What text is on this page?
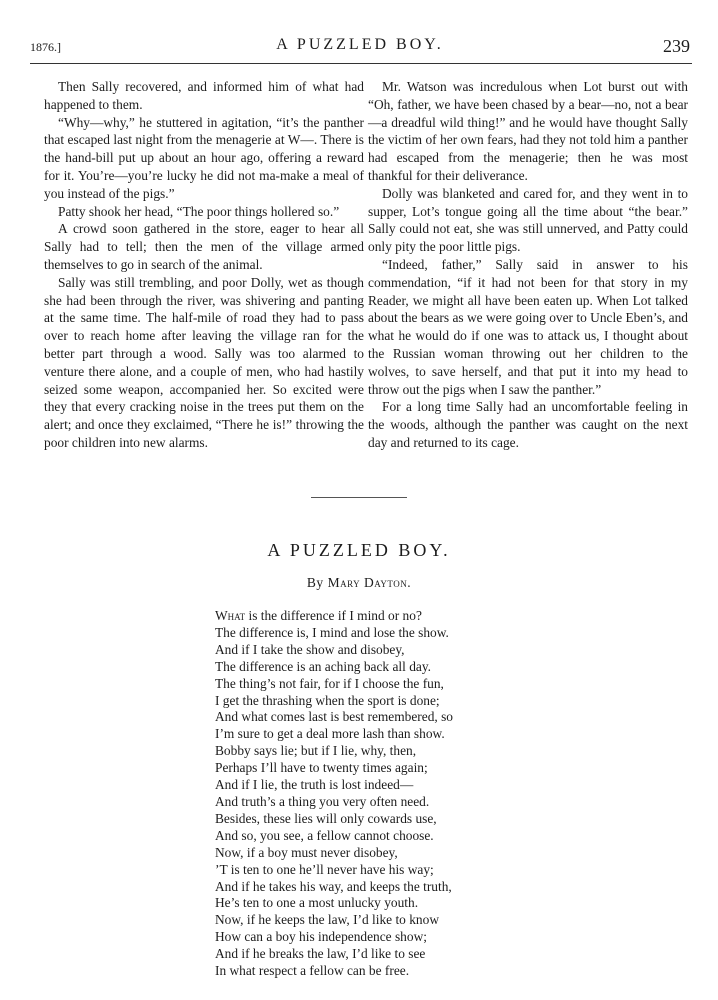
1876.]	A PUZZLED BOY.	239

Then Sally recovered, and informed him of what had happened to them.

“Why—why,” he stuttered in agitation, “it’s the panther that escaped last night from the menagerie at W—. There is the hand-bill put up about an hour ago, offering a reward for it. You’re—you’re lucky he did not ma-make a meal of you instead of the pigs.”

Patty shook her head, “The poor things hollered so.”

A crowd soon gathered in the store, eager to hear all Sally had to tell; then the men of the village armed themselves to go in search of the animal.

Sally was still trembling, and poor Dolly, wet as though she had been through the river, was shivering and panting at the same time. The half-mile of road they had to pass over to reach home after leaving the village ran for the better part through a wood. Sally was too alarmed to venture there alone, and a couple of men, who had hastily seized some weapon, accompanied her. So excited were they that every cracking noise in the trees put them on the alert; and once they exclaimed, “There he is!” throwing the poor children into new alarms.

Mr. Watson was incredulous when Lot burst out with “Oh, father, we have been chased by a bear—no, not a bear—a dreadful wild thing!” and he would have thought Sally the victim of her own fears, had they not told him a panther had escaped from the menagerie; then he was most thankful for their deliverance.

Dolly was blanketed and cared for, and they went in to supper, Lot’s tongue going all the time about “the bear.” Sally could not eat, she was still unnerved, and Patty could only pity the poor little pigs.

“Indeed, father,” Sally said in answer to his commendation, “if it had not been for that story in my Reader, we might all have been eaten up. When Lot talked about the bears as we were going over to Uncle Eben’s, and what he would do if one was to attack us, I thought about the Russian woman throwing out her children to the wolves, to save herself, and that put it into my head to throw out the pigs when I saw the panther.”

For a long time Sally had an uncomfortable feeling in the woods, although the panther was caught on the next day and returned to its cage.

A PUZZLED BOY.
By Mary Dayton.
What is the difference if I mind or no?
The difference is, I mind and lose the show.
And if I take the show and disobey,
The difference is an aching back all day.
The thing’s not fair, for if I choose the fun,
I get the thrashing when the sport is done;
And what comes last is best remembered, so
I’m sure to get a deal more lash than show.
Bobby says lie; but if I lie, why, then,
Perhaps I’ll have to twenty times again;
And if I lie, the truth is lost indeed—
And truth’s a thing you very often need.
Besides, these lies will only cowards use,
And so, you see, a fellow cannot choose.
Now, if a boy must never disobey,
’T is ten to one he’ll never have his way;
And if he takes his way, and keeps the truth,
He’s ten to one a most unlucky youth.
Now, if he keeps the law, I’d like to know
How can a boy his independence show;
And if he breaks the law, I’d like to see
In what respect a fellow can be free.
